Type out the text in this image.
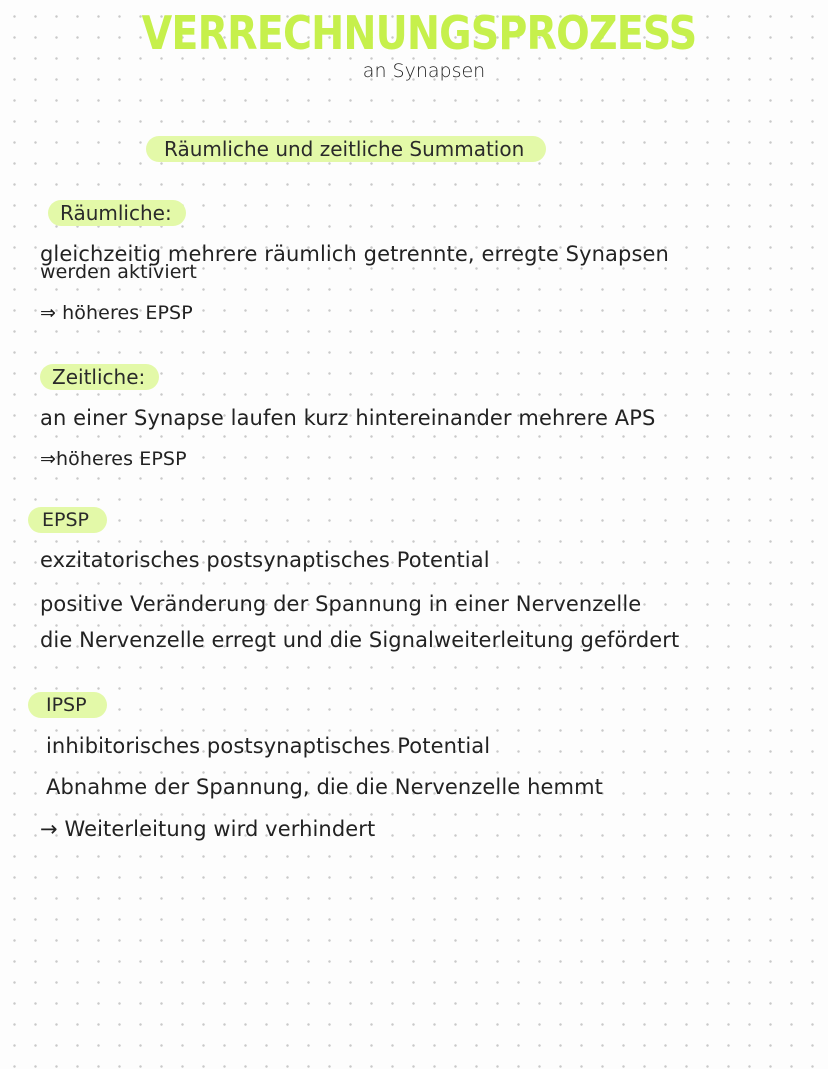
VERRECHNUNGSPROZESS
an Synapsen
Räumliche und zeitliche Summation
Räumliche:
gleichzeitig mehrere räumlich getrennte, erregte Synapsen
werden aktiviert
⇒ höheres EPSP
Zeitliche:
an einer Synapse laufen kurz hintereinander mehrere APS
⇒höheres EPSP
EPSP
exzitatorisches postsynaptisches Potential
positive Veränderung der Spannung in einer Nervenzelle
die Nervenzelle erregt und die Signalweiterleitung gefördert
IPSP
inhibitorisches postsynaptisches Potential
Abnahme der Spannung, die die Nervenzelle hemmt
→ Weiterleitung wird verhindert
